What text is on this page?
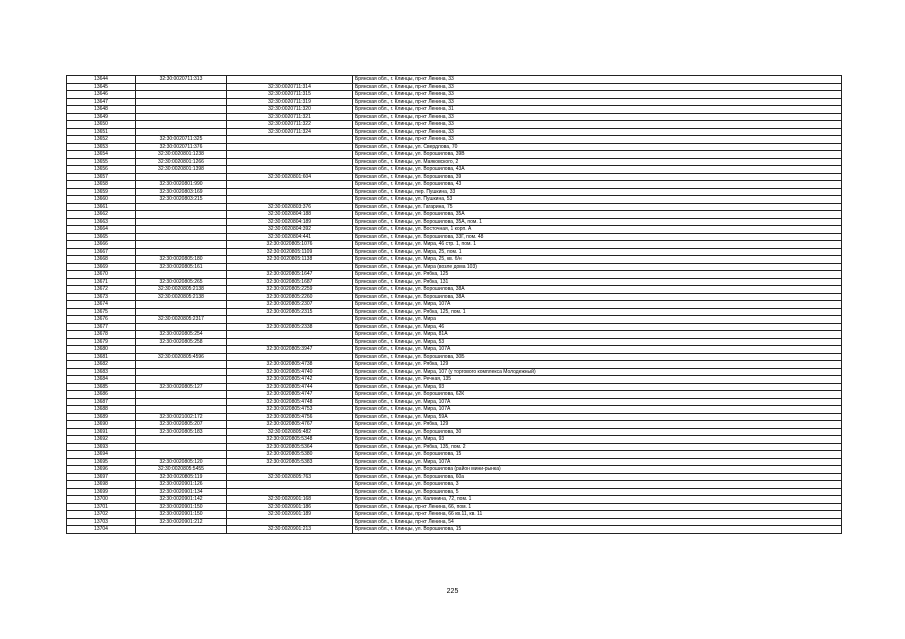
13644	32:30:0020711:313		Брянская обл., г. Клинцы, пр-кт Ленина, 33
13645		32:30:0020711:314	Брянская обл., г. Клинцы, пр-кт Ленина, 33
13646		32:30:0020711:315	Брянская обл., г. Клинцы, пр-кт Ленина, 33
13647		32:30:0020711:319	Брянская обл., г. Клинцы, пр-кт Ленина, 33
13648		32:30:0020711:320	Брянская обл., г. Клинцы, пр-кт Ленина, 31
13649		32:30:0020711:321	Брянская обл., г. Клинцы, пр-кт Ленина, 33
13650		32:30:0020711:322	Брянская обл., г. Клинцы, пр-кт Ленина, 33
13651		32:30:0020711:324	Брянская обл., г. Клинцы, пр-кт Ленина, 33
13652	32:30:0020711:325		Брянская обл., г. Клинцы, пр-кт Ленина, 33
13653	32:30:0020711:376		Брянская обл., г. Клинцы, ул. Свердлова, 70
13654	32:30:0020801:1238		Брянская обл., г. Клинцы, ул. Ворошилова, 39В
13655	32:30:0020801:1266		Брянская обл., г. Клинцы, ул. Маяковского, 2
13656	32:30:0020801:1398		Брянская обл., г. Клинцы, ул. Ворошилова, 43А
13657		32:30:0020801:604	Брянская обл., г. Клинцы, ул. Ворошилова, 39
13658	32:30:0020801:990		Брянская обл., г. Клинцы, ул. Ворошилова, 43
13659	32:30:0020803:169		Брянская обл., г. Клинцы, пер. Пушкина, 33
13660	32:30:0020803:215		Брянская обл., г. Клинцы, ул. Пушкина, 53
13661		32:30:0020803:376	Брянская обл., г. Клинцы, ул. Гагарина, 75
13662		32:30:0020804:188	Брянская обл., г. Клинцы, ул. Ворошилова, 35А
13663		32:30:0020804:189	Брянская обл., г. Клинцы, ул. Ворошилова, 35А, пом. 1
13664		32:30:0020804:392	Брянская обл., г. Клинцы, ул. Восточная, 1 корп. А
13665		32:30:0020804:441	Брянская обл., г. Клинцы, ул. Ворошилова, 33Г, пом. 48
13666		32:30:0020805:1076	Брянская обл., г. Клинцы, ул. Мира, 46 стр. 1, пом. 1
13667		32:30:0020805:1109	Брянская обл., г. Клинцы, ул. Мира, 25, пом. 1
13668	32:30:0020805:180	32:30:0020805:1138	Брянская обл., г. Клинцы, ул. Мира, 25, кв. б/н
13669	32:30:0020805:161		Брянская обл., г. Клинцы, ул. Мира (возле дома 103)
13670		32:30:0020805:1647	Брянская обл., г. Клинцы, ул. Рябка, 125
13671	32:30:0020805:265	32:30:0020805:1687	Брянская обл., г. Клинцы, ул. Рябка, 131
13672	32:30:0020805:2138	32:30:0020805:2259	Брянская обл., г. Клинцы, ул. Ворошилова, 38А
13673	32:30:0020805:2138	32:30:0020805:2260	Брянская обл., г. Клинцы, ул. Ворошилова, 38А
13674		32:30:0020805:2307	Брянская обл., г. Клинцы, ул. Мира, 107А
13675		32:30:0020805:2315	Брянская обл., г. Клинцы, ул. Рябка, 125, пом. 1
13676	32:30:0020805:2317		Брянская обл., г. Клинцы, ул. Мира
13677		32:30:0020805:2338	Брянская обл., г. Клинцы, ул. Мира, 46
13678	32:30:0020805:254		Брянская обл., г. Клинцы, ул. Мира, 81А
13679	32:30:0020805:258		Брянская обл., г. Клинцы, ул. Мира, 53
13680		32:30:0020805:3947	Брянская обл., г. Клинцы, ул. Мира, 107А
13681	32:30:0020805:4596		Брянская обл., г. Клинцы, ул. Ворошилова, 30Б
13682		32:30:0020805:4738	Брянская обл., г. Клинцы, ул. Рябка, 129
13683		32:30:0020805:4740	Брянская обл., г. Клинцы, ул. Мира, 107 (у торгового комплекса Молодежный)
13684		32:30:0020805:4742	Брянская обл., г. Клинцы, ул. Речная, 135
13685	32:30:0020805:127	32:30:0020805:4744	Брянская обл., г. Клинцы, ул. Мира, 93
13686		32:30:0020805:4747	Брянская обл., г. Клинцы, ул. Ворошилова, 62К
13687		32:30:0020805:4748	Брянская обл., г. Клинцы, ул. Мира, 107А
13688		32:30:0020805:4753	Брянская обл., г. Клинцы, ул. Мира, 107А
13689	32:30:0021002:172	32:30:0020805:4756	Брянская обл., г. Клинцы, ул. Мира, 59А
13690	32:30:0020805:207	32:30:0020805:4767	Брянская обл., г. Клинцы, ул. Рябка, 129
13691	32:30:0020805:183	32:30:0020805:482	Брянская обл., г. Клинцы, ул. Ворошилова, 30
13692		32:30:0020805:5348	Брянская обл., г. Клинцы, ул. Мира, 93
13693		32:30:0020805:5364	Брянская обл., г. Клинцы, ул. Рябка, 135, пом. 2
13694		32:30:0020805:5380	Брянская обл., г. Клинцы, ул. Ворошилова, 15
13695	32:30:0020805:120	32:30:0020805:5383	Брянская обл., г. Клинцы, ул. Мира, 107А
13696	32:30:0020805:5455		Брянская обл., г. Клинцы, ул. Ворошилова (район мини-рынка)
13697	32:30:0020805:119	32:30:0020805:763	Брянская обл., г. Клинцы, ул. Ворошилова, 60а
13698	32:30:0020901:126		Брянская обл., г. Клинцы, ул. Ворошилова, 3
13699	32:30:0020901:134		Брянская обл., г. Клинцы, ул. Ворошилова, 5
13700	32:30:0020901:142	32:30:0020901:168	Брянская обл., г. Клинцы, ул. Калинина, 72, пом. 1
13701	32:30:0020901:150	32:30:0020901:186	Брянская обл., г. Клинцы, пр-кт Ленина, 66, пом. 1
13702	32:30:0020901:150	32:30:0020901:189	Брянская обл., г. Клинцы, пр-кт Ленина, 66 кв.11, кв. 11
13703	32:30:0020901:212		Брянская обл., г. Клинцы, пр-кт Ленина, 54
13704		32:30:0020901:213	Брянская обл., г. Клинцы, ул. Ворошилова, 15
225
